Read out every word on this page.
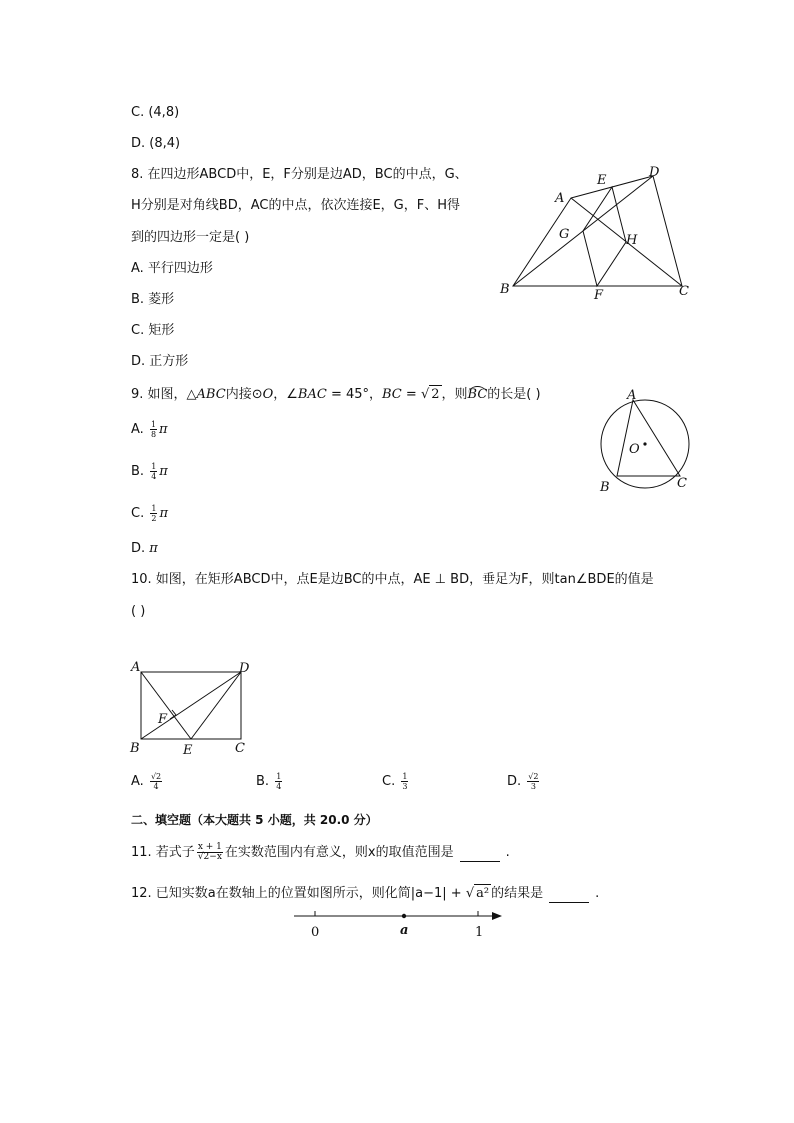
C. (4,8)
D. (8,4)
8. 在四边形ABCD中，E，F分别是边AD，BC的中点，G、
H分别是对角线BD，AC的中点，依次连接E，G，F、H得
到的四边形一定是( )
A. 平行四边形
B. 菱形
C. 矩形
D. 正方形
A
E
D
G	H
B	F	C
9. 如图，△ABC内接⊙O，∠BAC = 45°，BC = √ 2 ，则BC的长是( )
A. $\frac{1}{8}$ π
B. $\frac{1}{4}$ π
C. $\frac{1}{2}$ π
D. π
A
O
B	C
10. 如图，在矩形ABCD中，点E是边BC的中点，AE ⊥ BD，垂足为F，则tan∠BDE的值是
( )
A	D
F
B	E	C
A. $\frac{√2}{4}$	B. $\frac{1}{4}$	C. $\frac{1}{3}$	D. $\frac{√2}{3}$
二、填空题（本大题共 5 小题，共 20.0 分）
11. 若式子 $\frac{x + 1}{√2-x}$ 在实数范围内有意义，则x的取值范围是	.
12. 已知实数a在数轴上的位置如图所示，则化简|a−1| + √ a² 的结果是	.
0	a	1
